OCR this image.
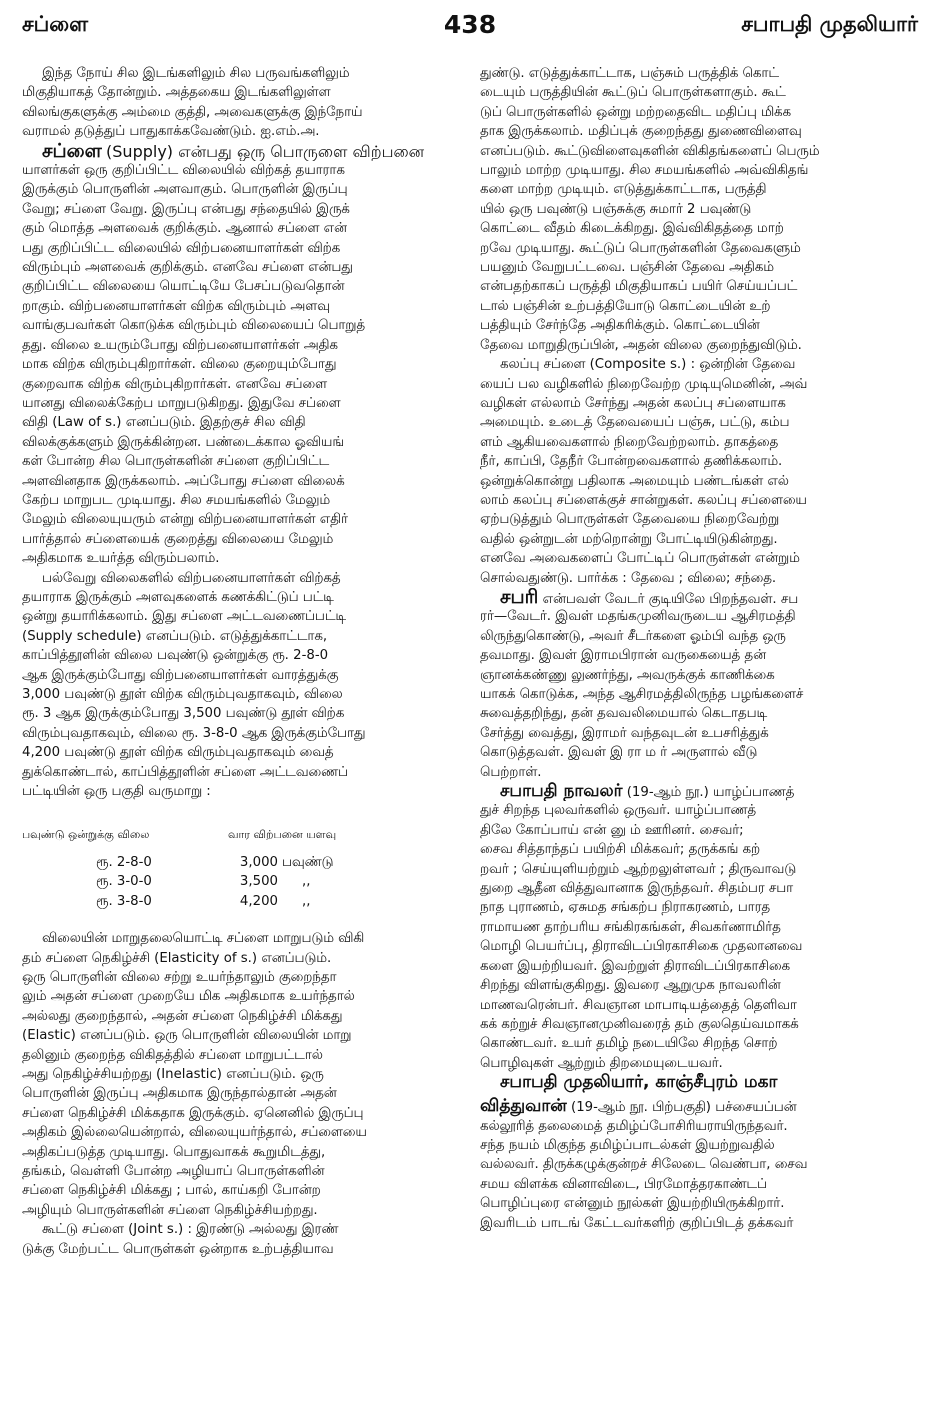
சப்ளை	438	சபாபதி முதலியார்
இந்த நோய் சில இடங்களிலும் சில பருவங்களிலும்
மிகுதியாகத் தோன்றும். அத்தகைய இடங்களிலுள்ள
விலங்குகளுக்கு அம்மை குத்தி, அவைகளுக்கு இந்நோய்
வராமல் தடுத்துப் பாதுகாக்கவேண்டும். ஐ.எம்.அ.
சப்ளை (Supply) என்பது ஒரு பொருளை விற்பனை
யாளர்கள் ஒரு குறிப்பிட்ட விலையில் விற்கத் தயாராக
இருக்கும் பொருளின் அளவாகும். பொருளின் இருப்பு
வேறு; சப்ளை வேறு. இருப்பு என்பது சந்தையில் இருக்
கும் மொத்த அளவைக் குறிக்கும். ஆனால் சப்ளை என்
பது குறிப்பிட்ட விலையில் விற்பனையாளர்கள் விற்க
விரும்பும் அளவைக் குறிக்கும். எனவே சப்ளை என்பது
குறிப்பிட்ட விலையை யொட்டியே பேசப்படுவதொன்
றாகும். விற்பனையாளர்கள் விற்க விரும்பும் அளவு
வாங்குபவர்கள் கொடுக்க விரும்பும் விலையைப் பொறுத்
தது. விலை உயரும்போது விற்பனையாளர்கள் அதிக
மாக விற்க விரும்புகிறார்கள். விலை குறையும்போது
குறைவாக விற்க விரும்புகிறார்கள். எனவே சப்ளை
யானது விலைக்கேற்ப மாறுபடுகிறது. இதுவே சப்ளை
விதி (Law of s.) எனப்படும். இதற்குச் சில விதி
விலக்குக்களும் இருக்கின்றன. பண்டைக்கால ஓவியங்
கள் போன்ற சில பொருள்களின் சப்ளை குறிப்பிட்ட
அளவினதாக இருக்கலாம். அப்போது சப்ளை விலைக்
கேற்ப மாறுபட முடியாது. சில சமயங்களில் மேலும்
மேலும் விலையுயரும் என்று விற்பனையாளர்கள் எதிர்
பார்த்தால் சப்ளையைக் குறைத்து விலையை மேலும்
அதிகமாக உயர்த்த விரும்பலாம்.
பல்வேறு விலைகளில் விற்பனையாளர்கள் விற்கத்
தயாராக இருக்கும் அளவுகளைக் கணக்கிட்டுப் பட்டி
ஒன்று தயாரிக்கலாம். இது சப்ளை அட்டவணைப்பட்டி
(Supply schedule) எனப்படும். எடுத்துக்காட்டாக,
காப்பித்தூளின் விலை பவுண்டு ஒன்றுக்கு ரூ. 2-8-0
ஆக இருக்கும்போது விற்பனையாளர்கள் வாரத்துக்கு
3,000 பவுண்டு தூள் விற்க விரும்புவதாகவும், விலை
ரூ. 3 ஆக இருக்கும்போது 3,500 பவுண்டு தூள் விற்க
விரும்புவதாகவும், விலை ரூ. 3-8-0 ஆக இருக்கும்போது
4,200 பவுண்டு தூள் விற்க விரும்புவதாகவும் வைத்
துக்கொண்டால், காப்பித்தூளின் சப்ளை அட்டவணைப்
பட்டியின் ஒரு பகுதி வருமாறு :
பவுண்டு ஒன்றுக்கு விலை	வார விற்பனை யளவு	

ரூ. 2-8-0	3,000	பவுண்டு
ரூ. 3-0-0	3,500	,,
ரூ. 3-8-0	4,200	,,
விலையின் மாறுதலையொட்டி சப்ளை மாறுபடும் விகி
தம் சப்ளை நெகிழ்ச்சி (Elasticity of s.) எனப்படும்.
ஒரு பொருளின் விலை சற்று உயர்ந்தாலும் குறைந்தா
லும் அதன் சப்ளை முறையே மிக அதிகமாக உயர்ந்தால்
அல்லது குறைந்தால், அதன் சப்ளை நெகிழ்ச்சி மிக்கது
(Elastic) எனப்படும். ஒரு பொருளின் விலையின் மாறு
தலினும் குறைந்த விகிதத்தில் சப்ளை மாறுபட்டால்
அது நெகிழ்ச்சியற்றது (Inelastic) எனப்படும். ஒரு
பொருளின் இருப்பு அதிகமாக இருந்தால்தான் அதன்
சப்ளை நெகிழ்ச்சி மிக்கதாக இருக்கும். ஏனெனில் இருப்பு
அதிகம் இல்லையென்றால், விலையுயர்ந்தால், சப்ளையை
அதிகப்படுத்த முடியாது. பொதுவாகக் கூறுமிடத்து,
தங்கம், வெள்ளி போன்ற அழியாப் பொருள்களின்
சப்ளை நெகிழ்ச்சி மிக்கது ; பால், காய்கறி போன்ற
அழியும் பொருள்களின் சப்ளை நெகிழ்ச்சியற்றது.
கூட்டு சப்ளை (Joint s.) : இரண்டு அல்லது இரண்
டுக்கு மேற்பட்ட பொருள்கள் ஒன்றாக உற்பத்தியாவ
துண்டு. எடுத்துக்காட்டாக, பஞ்சும் பருத்திக் கொட்
டையும் பருத்தியின் கூட்டுப் பொருள்களாகும். கூட்
டுப் பொருள்களில் ஒன்று மற்றதைவிட மதிப்பு மிக்க
தாக இருக்கலாம். மதிப்புக் குறைந்தது துணைவிளைவு
எனப்படும். கூட்டுவிளைவுகளின் விகிதங்களைப் பெரும்
பாலும் மாற்ற முடியாது. சில சமயங்களில் அவ்விகிதங்
களை மாற்ற முடியும். எடுத்துக்காட்டாக, பருத்தி
யில் ஒரு பவுண்டு பஞ்சுக்கு சுமார் 2 பவுண்டு
கொட்டை வீதம் கிடைக்கிறது. இவ்விகிதத்தை மாற்
றவே முடியாது. கூட்டுப் பொருள்களின் தேவைகளும்
பயனும் வேறுபட்டவை. பஞ்சின் தேவை அதிகம்
என்பதற்காகப் பருத்தி மிகுதியாகப் பயிர் செய்யப்பட்
டால் பஞ்சின் உற்பத்தியோடு கொட்டையின் உற்
பத்தியும் சேர்ந்தே அதிகரிக்கும். கொட்டையின்
தேவை மாறுதிருப்பின், அதன் விலை குறைந்துவிடும்.
கலப்பு சப்ளை (Composite s.) : ஒன்றின் தேவை
யைப் பல வழிகளில் நிறைவேற்ற முடியுமெனின், அவ்
வழிகள் எல்லாம் சேர்ந்து அதன் கலப்பு சப்ளையாக
அமையும். உடைத் தேவையைப் பஞ்சு, பட்டு, கம்ப
ளம் ஆகியவைகளால் நிறைவேற்றலாம். தாகத்தை
நீர், காப்பி, தேநீர் போன்றவைகளால் தணிக்கலாம்.
ஒன்றுக்கொன்று பதிலாக அமையும் பண்டங்கள் எல்
லாம் கலப்பு சப்ளைக்குச் சான்றுகள். கலப்பு சப்ளையை
ஏற்படுத்தும் பொருள்கள் தேவையை நிறைவேற்று
வதில் ஒன்றுடன் மற்றொன்று போட்டியிடுகின்றது.
எனவே அவைகளைப் போட்டிப் பொருள்கள் என்றும்
சொல்வதுண்டு. பார்க்க : தேவை ; விலை; சந்தை.
சபரி என்பவள் வேடர் குடியிலே பிறந்தவள். சப
ரர்—வேடர். இவள் மதங்கமுனிவருடைய ஆசிரமத்தி
லிருந்துகொண்டு, அவர் சீடர்களை ஓம்பி வந்த ஒரு
தவமாது. இவள் இராமபிரான் வருகையைத் தன்
ஞானக்கண்ணு லுணர்ந்து, அவருக்குக் காணிக்கை
யாகக் கொடுக்க, அந்த ஆசிரமத்திலிருந்த பழங்களைச்
சுவைத்தறிந்து, தன் தவவலிமையால் கெடாதபடி
சேர்த்து வைத்து, இராமர் வந்தவுடன் உபசரித்துக்
கொடுத்தவள். இவள் இ ரா ம ர் அருளால் வீடு
பெற்றாள்.
சபாபதி நாவலர் (19-ஆம் நூ.) யாழ்ப்பாணத்
துச் சிறந்த புலவர்களில் ஒருவர். யாழ்ப்பாணத்
திலே கோப்பாய் என் னு ம் ஊரினர். சைவர்;
சைவ சித்தாந்தப் பயிற்சி மிக்கவர்; தருக்கங் கற்
றவர் ; செய்யுளியற்றும் ஆற்றலுள்ளவர் ; திருவாவடு
துறை ஆதீன வித்துவானாக இருந்தவர். சிதம்பர சபா
நாத புராணம், ஏசுமத சங்கற்ப நிராகரணம், பாரத
ராமாயண தாற்பரிய சங்கிரகங்கள், சிவகர்ணாமிர்த
மொழி பெயர்ப்பு, திராவிடப்பிரகாசிகை முதலானவை
களை இயற்றியவர். இவற்றுள் திராவிடப்பிரகாசிகை
சிறந்து விளங்குகிறது. இவரை ஆறுமுக நாவலரின்
மாணவரென்பர். சிவஞான மாபாடியத்தைத் தெளிவா
கக் கற்றுச் சிவஞானமுனிவரைத் தம் குலதெய்வமாகக்
கொண்டவர். உயர் தமிழ் நடையிலே சிறந்த சொற்
பொழிவுகள் ஆற்றும் திறமையுடையவர்.
சபாபதி முதலியார், காஞ்சீபுரம் மகா
வித்துவான் (19-ஆம் நூ. பிற்பகுதி) பச்சையப்பன்
கல்லூரித் தலைமைத் தமிழ்ப்போசிரியராயிருந்தவர்.
சந்த நயம் மிகுந்த தமிழ்ப்பாடல்கள் இயற்றுவதில்
வல்லவர். திருக்கழுக்குன்றச் சிலேடை வெண்பா, சைவ
சமய விளக்க வினாவிடை, பிரமோத்தரகாண்டப்
பொழிப்புரை என்னும் நூல்கள் இயற்றியிருக்கிறார்.
இவரிடம் பாடங் கேட்டவர்களிற் குறிப்பிடத் தக்கவர்
